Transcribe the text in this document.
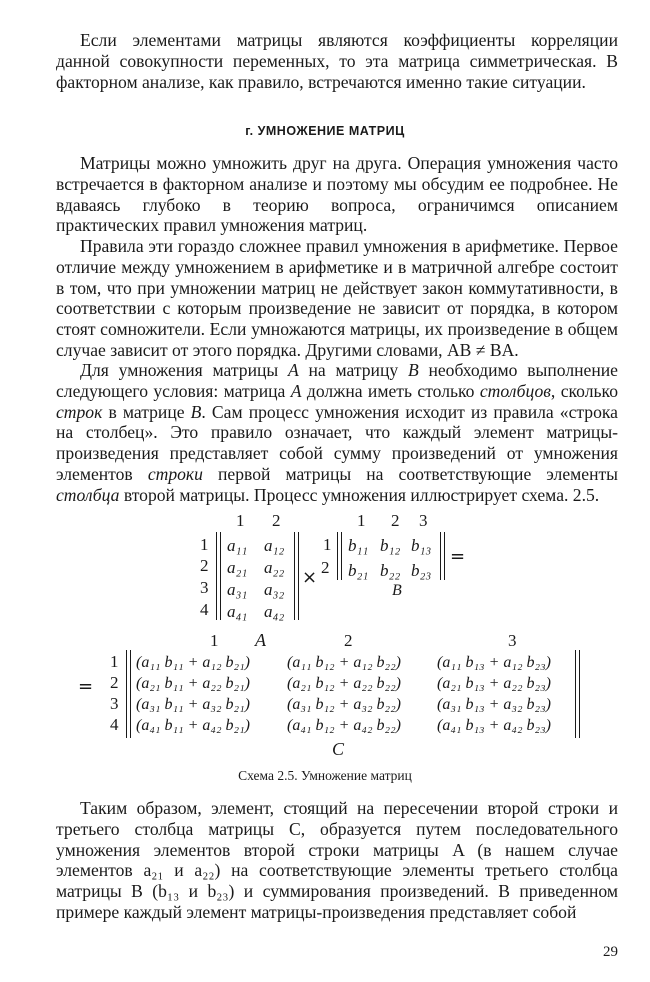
Если элементами матрицы являются коэффициенты корреляции данной совокупности переменных, то эта матрица симметрическая. В факторном анализе, как правило, встречаются именно такие ситуации.

г. УМНОЖЕНИЕ МАТРИЦ

Матрицы можно умножить друг на друга. Операция умножения часто встречается в факторном анализе и поэтому мы обсудим ее подробнее. Не вдаваясь глубоко в теорию вопроса, ограничимся описанием практических правил умножения матриц.

Правила эти гораздо сложнее правил умножения в арифметике. Первое отличие между умножением в арифметике и в матричной алгебре состоит в том, что при умножении матриц не действует закон коммутативности, в соответствии с которым произведение не зависит от порядка, в котором стоят сомножители. Если умножаются матрицы, их произведение в общем случае зависит от этого порядка. Другими словами, AB ≠ BA.

Для умножения матрицы A на матрицу B необходимо выполнение следующего условия: матрица A должна иметь столько столбцов, сколько строк в матрице B. Сам процесс умножения исходит из правила «строка на столбец». Это правило означает, что каждый элемент матрицы-произведения представляет собой сумму произведений от умножения элементов строки первой матрицы на соответствующие элементы столбца второй матрицы. Процесс умножения иллюстрирует схема. 2.5.

1 2
1
2
3
4
a₁₁ a₁₂
a₂₁ a₂₂
a₃₁ a₃₂
a₄₁ a₄₂
×
1 2 3
1
2
b₁₁ b₁₂ b₁₃
b₂₁ b₂₂ b₂₃
=
B
1 A	2	3
=
1
2
3
4
(a₁₁ b₁₁ + a₁₂ b₂₁) (a₁₁ b₁₂ + a₁₂ b₂₂) (a₁₁ b₁₃ + a₁₂ b₂₃)
(a₂₁ b₁₁ + a₂₂ b₂₁) (a₂₁ b₁₂ + a₂₂ b₂₂) (a₂₁ b₁₃ + a₂₂ b₂₃)
(a₃₁ b₁₁ + a₃₂ b₂₁) (a₃₁ b₁₂ + a₃₂ b₂₂) (a₃₁ b₁₃ + a₃₂ b₂₃)
(a₄₁ b₁₁ + a₄₂ b₂₁) (a₄₁ b₁₂ + a₄₂ b₂₂) (a₄₁ b₁₃ + a₄₂ b₂₃)
C
Схема 2.5. Умножение матриц

Таким образом, элемент, стоящий на пересечении второй строки и третьего столбца матрицы C, образуется путем последовательного умножения элементов второй строки матрицы A (в нашем случае элементов a₂₁ и a₂₂) на соответствующие элементы третьего столбца матрицы B (b₁₃ и b₂₃) и суммирования произведений. В приведенном примере каждый элемент матрицы-произведения представляет собой

29
